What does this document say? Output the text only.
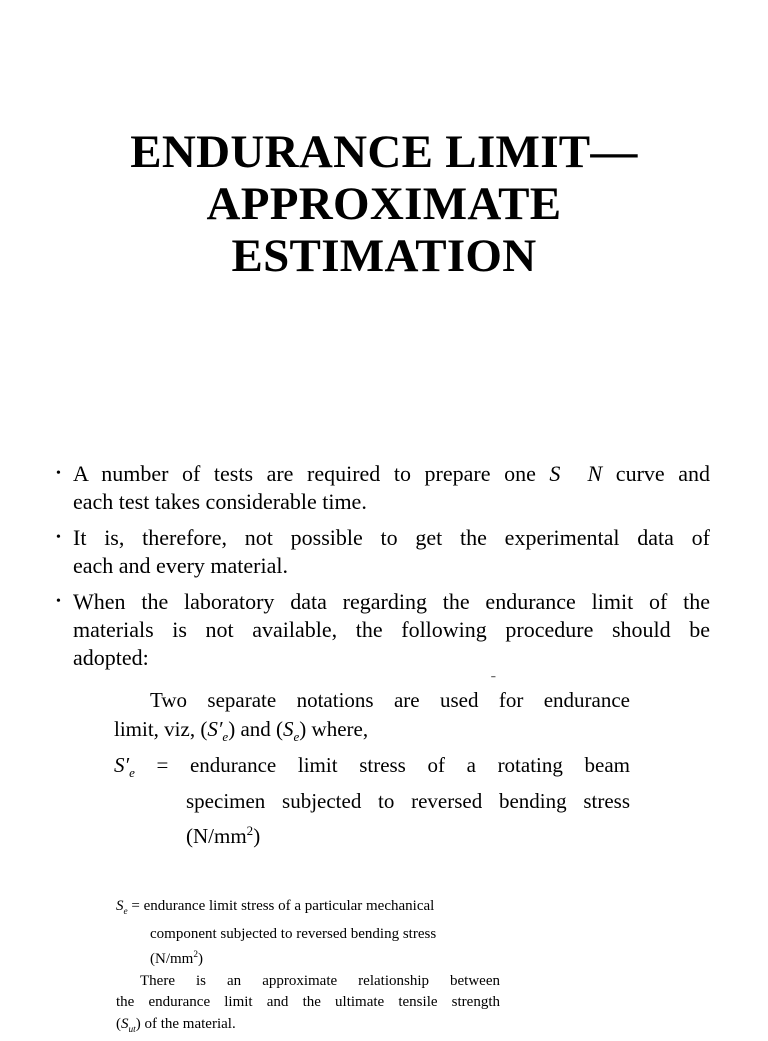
ENDURANCE LIMIT—
APPROXIMATE
ESTIMATION
• A number of tests are required to prepare one S N curve and
each test takes considerable time.
• It is, therefore, not possible to get the experimental data of
each and every material.
• When the laboratory data regarding the endurance limit of the
materials is not available, the following procedure should be
adopted:
ˉ
Two separate notations are used for endurance
limit, viz, $(S'_e)$ and $(S_e)$ where,
$S'_e$ = endurance limit stress of a rotating beam
specimen subjected to reversed bending stress
$(N/mm^2)$
$S_e$ = endurance limit stress of a particular mechanical
component subjected to reversed bending stress
$(N/mm^2)$
There is an approximate relationship between
the endurance limit and the ultimate tensile strength
$(S_{ut})$ of the material.
